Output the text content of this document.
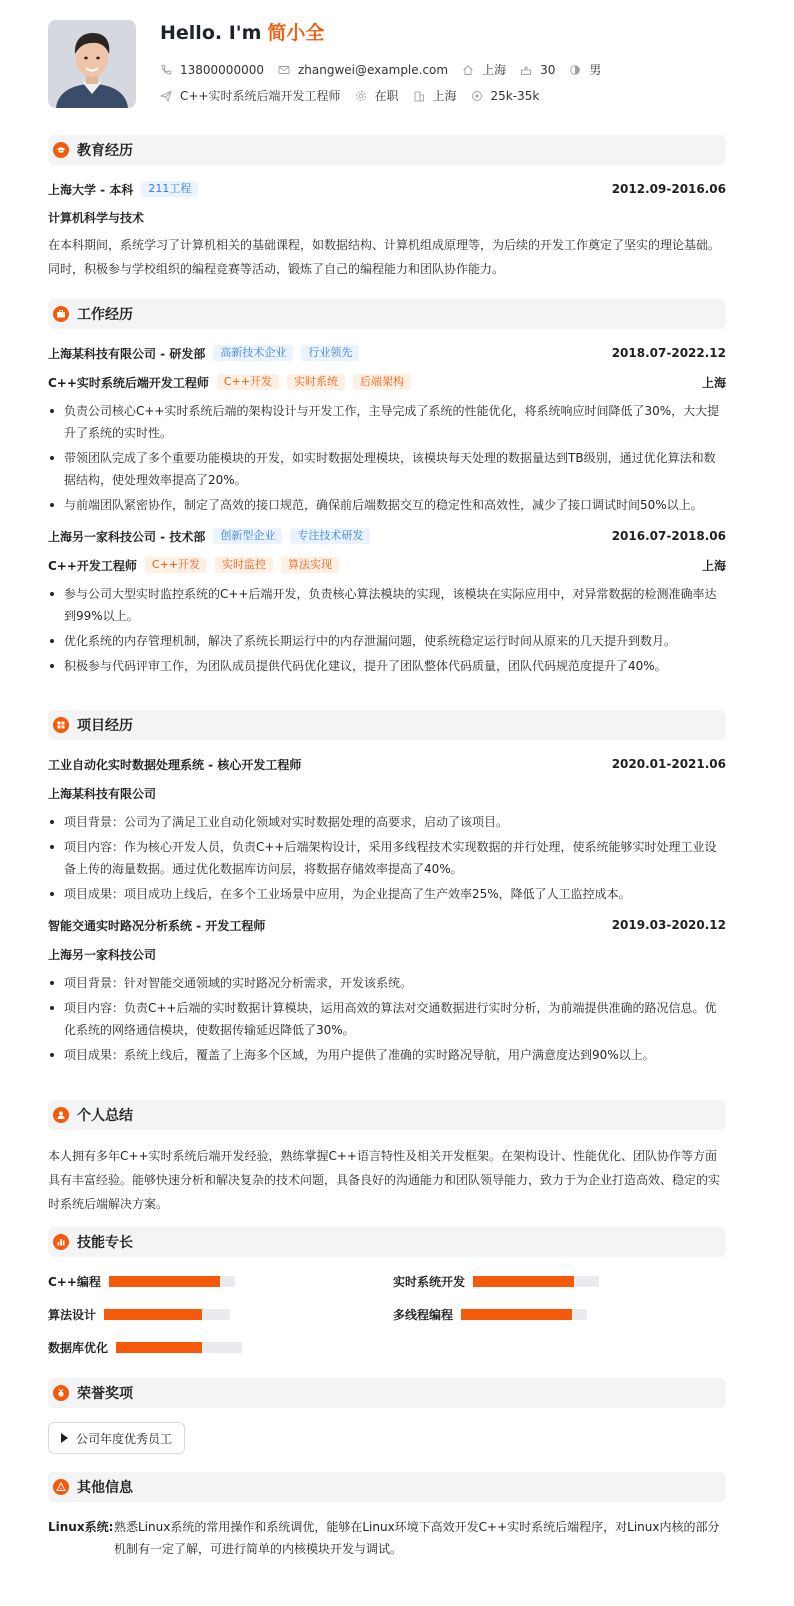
Hello. I'm 简小全
13800000000	zhangwei@example.com	上海	30	男
C++实时系统后端开发工程师	在职	上海	25k-35k
教育经历
上海大学 - 本科	211工程	2012.09-2016.06
计算机科学与技术

在本科期间，系统学习了计算机相关的基础课程，如数据结构、计算机组成原理等，为后续的开发工作奠定了坚实的理论基础。同时，积极参与学校组织的编程竞赛等活动，锻炼了自己的编程能力和团队协作能力。

工作经历
上海某科技有限公司 - 研发部	高新技术企业	行业领先	2018.07-2022.12
C++实时系统后端开发工程师	C++开发	实时系统	后端架构	上海
负责公司核心C++实时系统后端的架构设计与开发工作，主导完成了系统的性能优化，将系统响应时间降低了30%，大大提升了系统的实时性。
带领团队完成了多个重要功能模块的开发，如实时数据处理模块，该模块每天处理的数据量达到TB级别，通过优化算法和数据结构，使处理效率提高了20%。
与前端团队紧密协作，制定了高效的接口规范，确保前后端数据交互的稳定性和高效性，减少了接口调试时间50%以上。
上海另一家科技公司 - 技术部	创新型企业	专注技术研发	2016.07-2018.06
C++开发工程师	C++开发	实时监控	算法实现	上海
参与公司大型实时监控系统的C++后端开发，负责核心算法模块的实现，该模块在实际应用中，对异常数据的检测准确率达到99%以上。
优化系统的内存管理机制，解决了系统长期运行中的内存泄漏问题，使系统稳定运行时间从原来的几天提升到数月。
积极参与代码评审工作，为团队成员提供代码优化建议，提升了团队整体代码质量，团队代码规范度提升了40%。
项目经历
工业自动化实时数据处理系统 - 核心开发工程师	2020.01-2021.06
上海某科技有限公司
项目背景：公司为了满足工业自动化领域对实时数据处理的高要求，启动了该项目。
项目内容：作为核心开发人员，负责C++后端架构设计，采用多线程技术实现数据的并行处理，使系统能够实时处理工业设备上传的海量数据。通过优化数据库访问层，将数据存储效率提高了40%。
项目成果：项目成功上线后，在多个工业场景中应用，为企业提高了生产效率25%，降低了人工监控成本。
智能交通实时路况分析系统 - 开发工程师	2019.03-2020.12
上海另一家科技公司
项目背景：针对智能交通领域的实时路况分析需求，开发该系统。
项目内容：负责C++后端的实时数据计算模块，运用高效的算法对交通数据进行实时分析，为前端提供准确的路况信息。优化系统的网络通信模块，使数据传输延迟降低了30%。
项目成果：系统上线后，覆盖了上海多个区域，为用户提供了准确的实时路况导航，用户满意度达到90%以上。
个人总结

本人拥有多年C++实时系统后端开发经验，熟练掌握C++语言特性及相关开发框架。在架构设计、性能优化、团队协作等方面具有丰富经验。能够快速分析和解决复杂的技术问题，具备良好的沟通能力和团队领导能力，致力于为企业打造高效、稳定的实时系统后端解决方案。

技能专长
C++编程	实时系统开发
算法设计	多线程编程
数据库优化
荣誉奖项
公司年度优秀员工
其他信息
Linux系统: 熟悉Linux系统的常用操作和系统调优，能够在Linux环境下高效开发C++实时系统后端程序，对Linux内核的部分机制有一定了解，可进行简单的内核模块开发与调试。
